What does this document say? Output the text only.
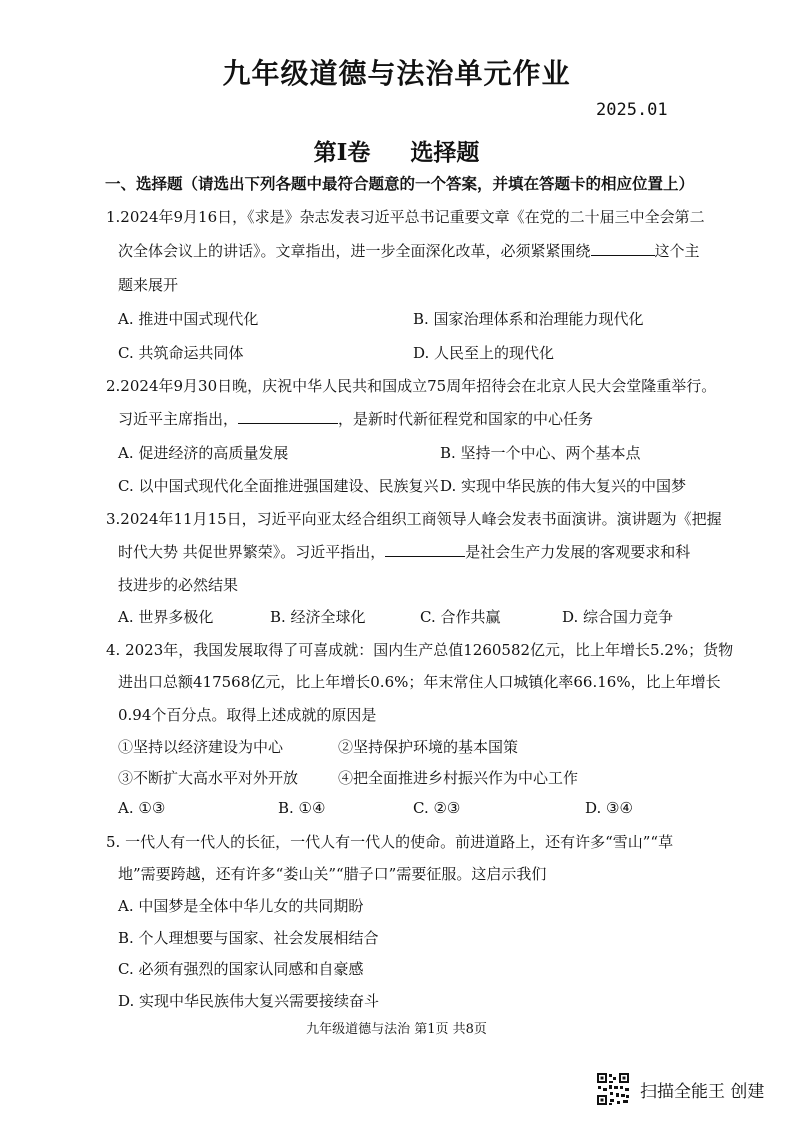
九年级道德与法治单元作业
2025.01
第Ⅰ卷 选择题
一、选择题（请选出下列各题中最符合题意的一个答案，并填在答题卡的相应位置上）
1.2024年9月16日，《求是》杂志发表习近平总书记重要文章《在党的二十届三中全会第二
次全体会议上的讲话》。文章指出，进一步全面深化改革，必须紧紧围绕	这个主
题来展开
A. 推进中国式现代化	B. 国家治理体系和治理能力现代化
C. 共筑命运共同体	D. 人民至上的现代化
2.2024年9月30日晚，庆祝中华人民共和国成立75周年招待会在北京人民大会堂隆重举行。
习近平主席指出，	，是新时代新征程党和国家的中心任务
A. 促进经济的高质量发展	B. 坚持一个中心、两个基本点
C. 以中国式现代化全面推进强国建设、民族复兴 D. 实现中华民族的伟大复兴的中国梦
3.2024年11月15日，习近平向亚太经合组织工商领导人峰会发表书面演讲。演讲题为《把握
时代大势 共促世界繁荣》。习近平指出，	是社会生产力发展的客观要求和科
技进步的必然结果
A. 世界多极化	B. 经济全球化	C. 合作共赢	D. 综合国力竞争
4. 2023年，我国发展取得了可喜成就：国内生产总值1260582亿元，比上年增长5.2%；货物
进出口总额417568亿元，比上年增长0.6%；年末常住人口城镇化率66.16%，比上年增长
0.94个百分点。取得上述成就的原因是
①坚持以经济建设为中心	②坚持保护环境的基本国策
③不断扩大高水平对外开放	④把全面推进乡村振兴作为中心工作
A. ①③	B. ①④	C. ②③	D. ③④
5. 一代人有一代人的长征，一代人有一代人的使命。前进道路上，还有许多“雪山”“草
地”需要跨越，还有许多“娄山关”“腊子口”需要征服。这启示我们
A. 中国梦是全体中华儿女的共同期盼
B. 个人理想要与国家、社会发展相结合
C. 必须有强烈的国家认同感和自豪感
D. 实现中华民族伟大复兴需要接续奋斗
九年级道德与法治 第1页 共8页
扫描全能王 创建
